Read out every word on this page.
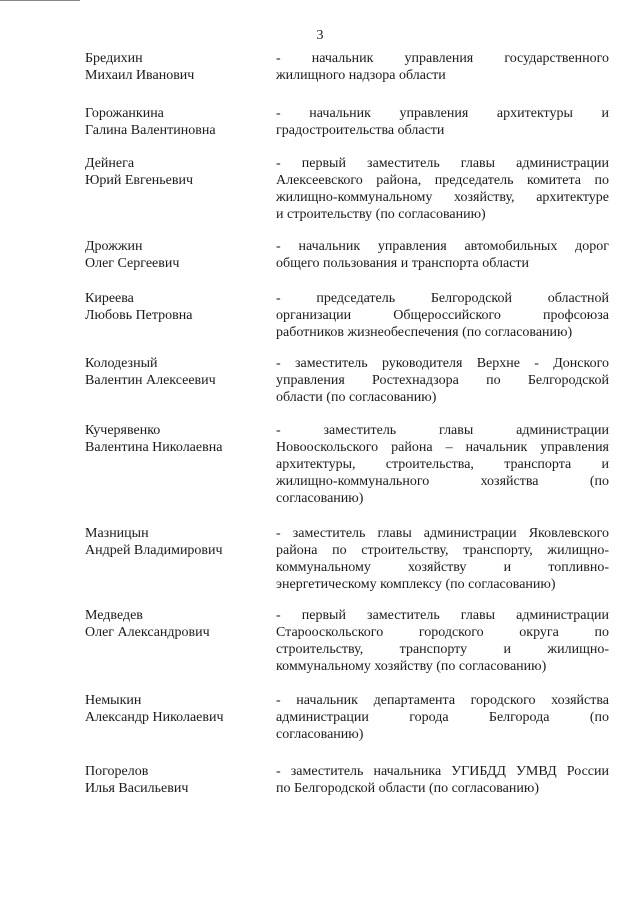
3
Бредихин
Михаил Иванович
- начальник управления государственного
жилищного надзора области
Горожанкина
Галина Валентиновна
- начальник управления архитектуры и
градостроительства области
Дейнега
Юрий Евгеньевич
- первый заместитель главы администрации
Алексеевского района, председатель комитета по
жилищно-коммунальному хозяйству, архитектуре
и строительству (по согласованию)
Дрожжин
Олег Сергеевич
- начальник управления автомобильных дорог
общего пользования и транспорта области
Киреева
Любовь Петровна
- председатель Белгородской областной
организации Общероссийского профсоюза
работников жизнеобеспечения (по согласованию)
Колодезный
Валентин Алексеевич
- заместитель руководителя Верхне - Донского
управления Ростехнадзора по Белгородской
области (по согласованию)
Кучерявенко
Валентина Николаевна
- заместитель главы администрации
Новооскольского района – начальник управления
архитектуры, строительства, транспорта и
жилищно-коммунального хозяйства (по
согласованию)
Мазницын
Андрей Владимирович
- заместитель главы администрации Яковлевского
района по строительству, транспорту, жилищно-
коммунальному хозяйству и топливно-
энергетическому комплексу (по согласованию)
Медведев
Олег Александрович
- первый заместитель главы администрации
Старооскольского городского округа по
строительству, транспорту и жилищно-
коммунальному хозяйству (по согласованию)
Немыкин
Александр Николаевич
- начальник департамента городского хозяйства
администрации города Белгорода (по
согласованию)
Погорелов
Илья Васильевич
- заместитель начальника УГИБДД УМВД России
по Белгородской области (по согласованию)
